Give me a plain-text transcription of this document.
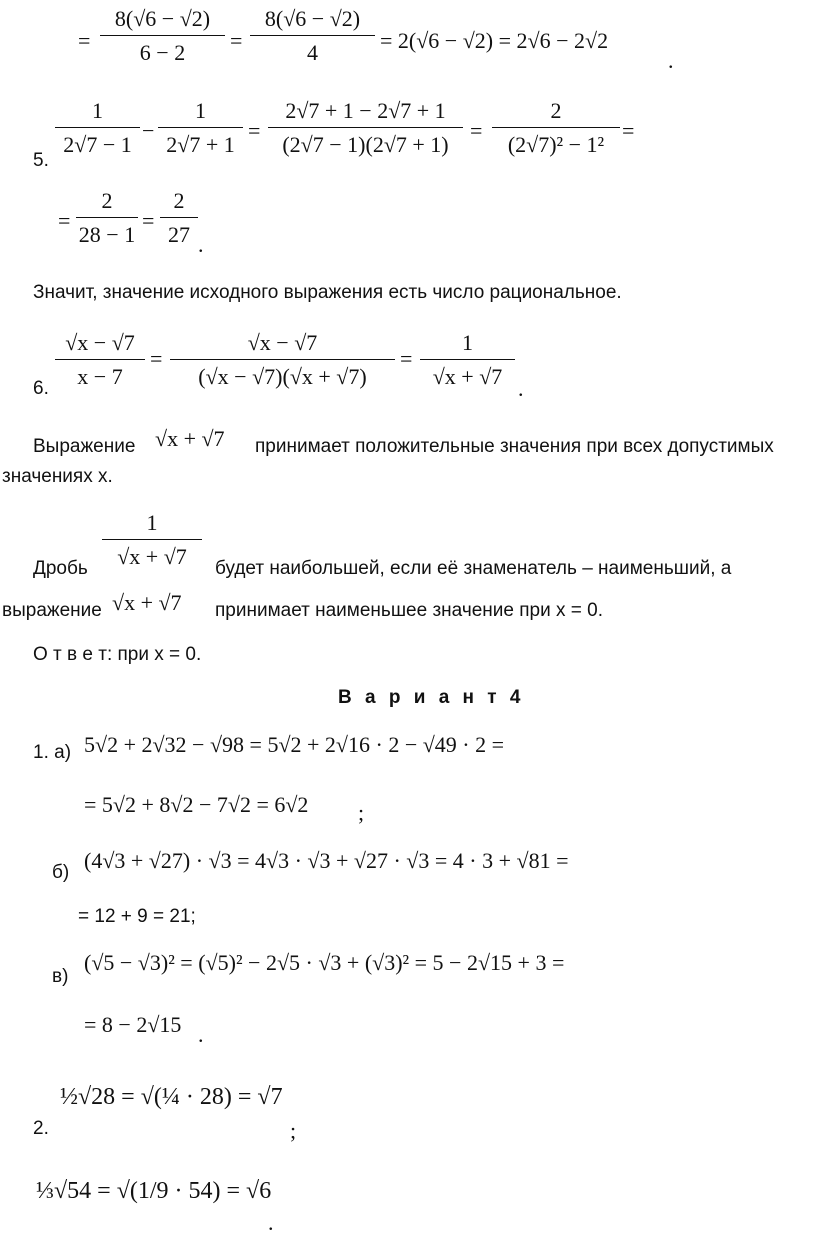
= $\frac{8(√6 - √2)}{6 - 2} = \frac{8(√6 - √2)}{4} = 2(√6 - √2) = 2√6 - 2√2$
.
5.
$\frac{1}{2√7 - 1} - \frac{1}{2√7 + 1} = \frac{2√7 + 1 - 2√7 + 1}{(2√7 - 1)(2√7 + 1)} = \frac{2}{\text{(2√7)² − 1²}}$ =
= $\frac{2}{28 - 1} = \frac{2}{27}$ .
Значит, значение исходного выражения есть число рациональное.
6. $\frac{√x - √7}{x - 7} = \frac{√x - √7}{(√x - √7)(√x + √7)} = \frac{1}{√x + √7}$ .
Выражение √x + √7 принимает положительные значения при всех допустимых
значениях x.
Дробь $\frac{1}{√x + √7}$ будет наибольшей, если её знаменатель – наименьший, а
выражение √x + √7 принимает наименьшее значение при x = 0.
О т в е т: при x = 0.
В а р и а н т 4
1. а) 5√2 + 2√32 − √98 = 5√2 + 2√16 · 2 − √49 · 2 =
= 5√2 + 8√2 − 7√2 = 6√2 ;
б) (4√3 + √27) · √3 = 4√3 · √3 + √27 · √3 = 4 · 3 + √81 =
= 12 + 9 = 21;
в)
(√5 − √3)² = (√5)² − 2√5 · √3 + (√3)² = 5 − 2√15 + 3 =
= 8 − 2√15 .
2.
½√28 = √(¼ · 28) = √7
;
⅓√54 = √(1/9 · 54) = √6
.
